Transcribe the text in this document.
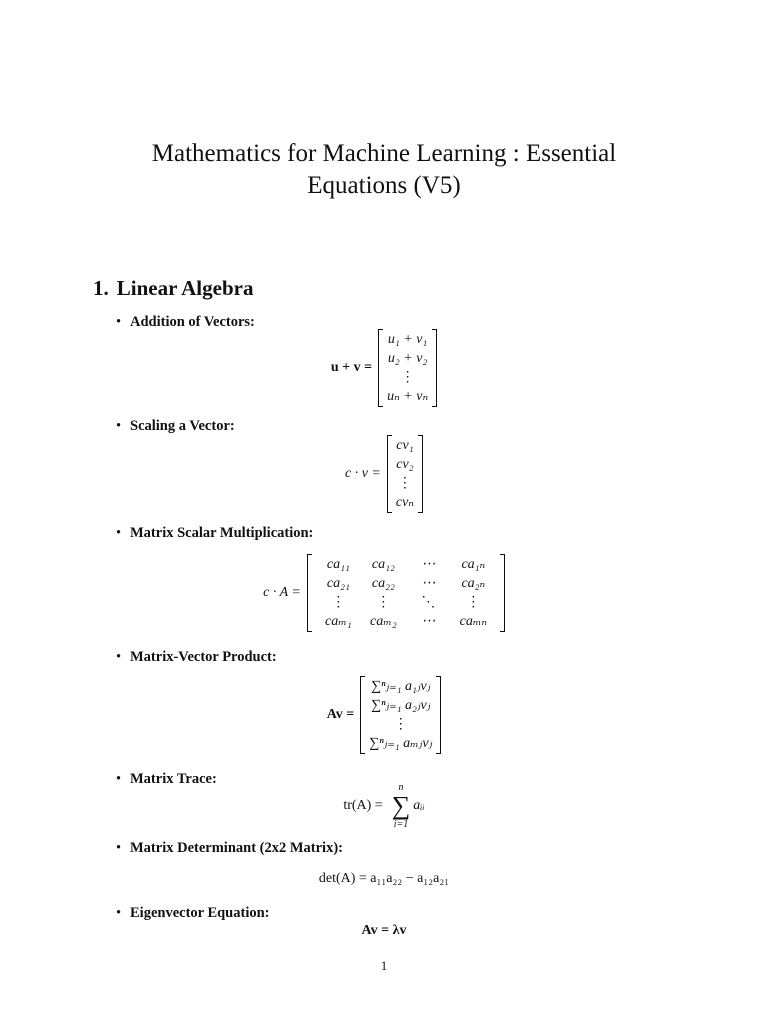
Mathematics for Machine Learning : Essential
Equations (V5)
1. Linear Algebra
• Addition of Vectors:
u + v =
u₁ + v₁
u₂ + v₂
⋮
uₙ + vₙ
• Scaling a Vector:
c · v =
cv₁
cv₂
⋮
cvₙ
• Matrix Scalar Multiplication:
c · A =
ca₁₁	ca₁₂	⋯	ca₁ₙ
ca₂₁	ca₂₂	⋯	ca₂ₙ
⋮	⋮	⋱	⋮
caₘ₁	caₘ₂	⋯	caₘₙ
• Matrix-Vector Product:
Av =
∑ⁿⱼ₌₁ a₁ⱼvⱼ
∑ⁿⱼ₌₁ a₂ⱼvⱼ
⋮
∑ⁿⱼ₌₁ aₘⱼvⱼ
• Matrix Trace:
tr(A) =
n
∑
i=1
aᵢᵢ
• Matrix Determinant (2x2 Matrix):
det(A) = a₁₁a₂₂ − a₁₂a₂₁
• Eigenvector Equation:
Av = λv
1
